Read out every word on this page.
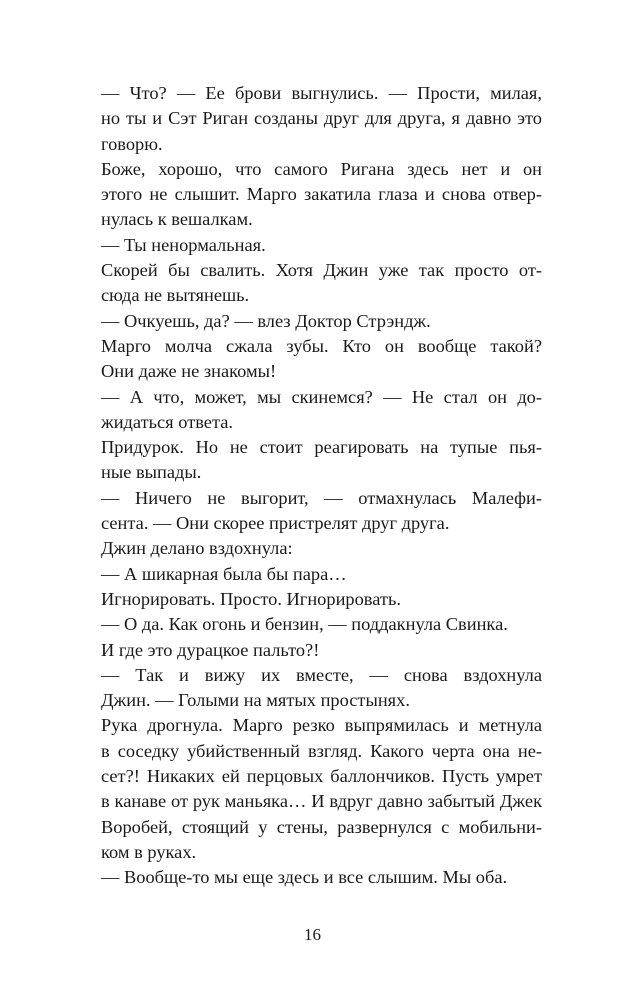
— Что? — Ее брови выгнулись. — Прости, милая,
но ты и Сэт Риган созданы друг для друга, я давно это
говорю.
Боже, хорошо, что самого Ригана здесь нет и он
этого не слышит. Марго закатила глаза и снова отвер-
нулась к вешалкам.
— Ты ненормальная.
Скорей бы свалить. Хотя Джин уже так просто от-
сюда не вытянешь.
— Очкуешь, да? — влез Доктор Стрэндж.
Марго молча сжала зубы. Кто он вообще такой?
Они даже не знакомы!
— А что, может, мы скинемся? — Не стал он до-
жидаться ответа.
Придурок. Но не стоит реагировать на тупые пья-
ные выпады.
— Ничего не выгорит, — отмахнулась Малефи-
сента. — Они скорее пристрелят друг друга.
Джин делано вздохнула:
— А шикарная была бы пара…
Игнорировать. Просто. Игнорировать.
— О да. Как огонь и бензин, — поддакнула Свинка.
И где это дурацкое пальто?!
— Так и вижу их вместе, — снова вздохнула
Джин. — Голыми на мятых простынях.
Рука дрогнула. Марго резко выпрямилась и метнула
в соседку убийственный взгляд. Какого черта она не-
сет?! Никаких ей перцовых баллончиков. Пусть умрет
в канаве от рук маньяка… И вдруг давно забытый Джек
Воробей, стоящий у стены, развернулся с мобильни-
ком в руках.
— Вообще-то мы еще здесь и все слышим. Мы оба.
16
